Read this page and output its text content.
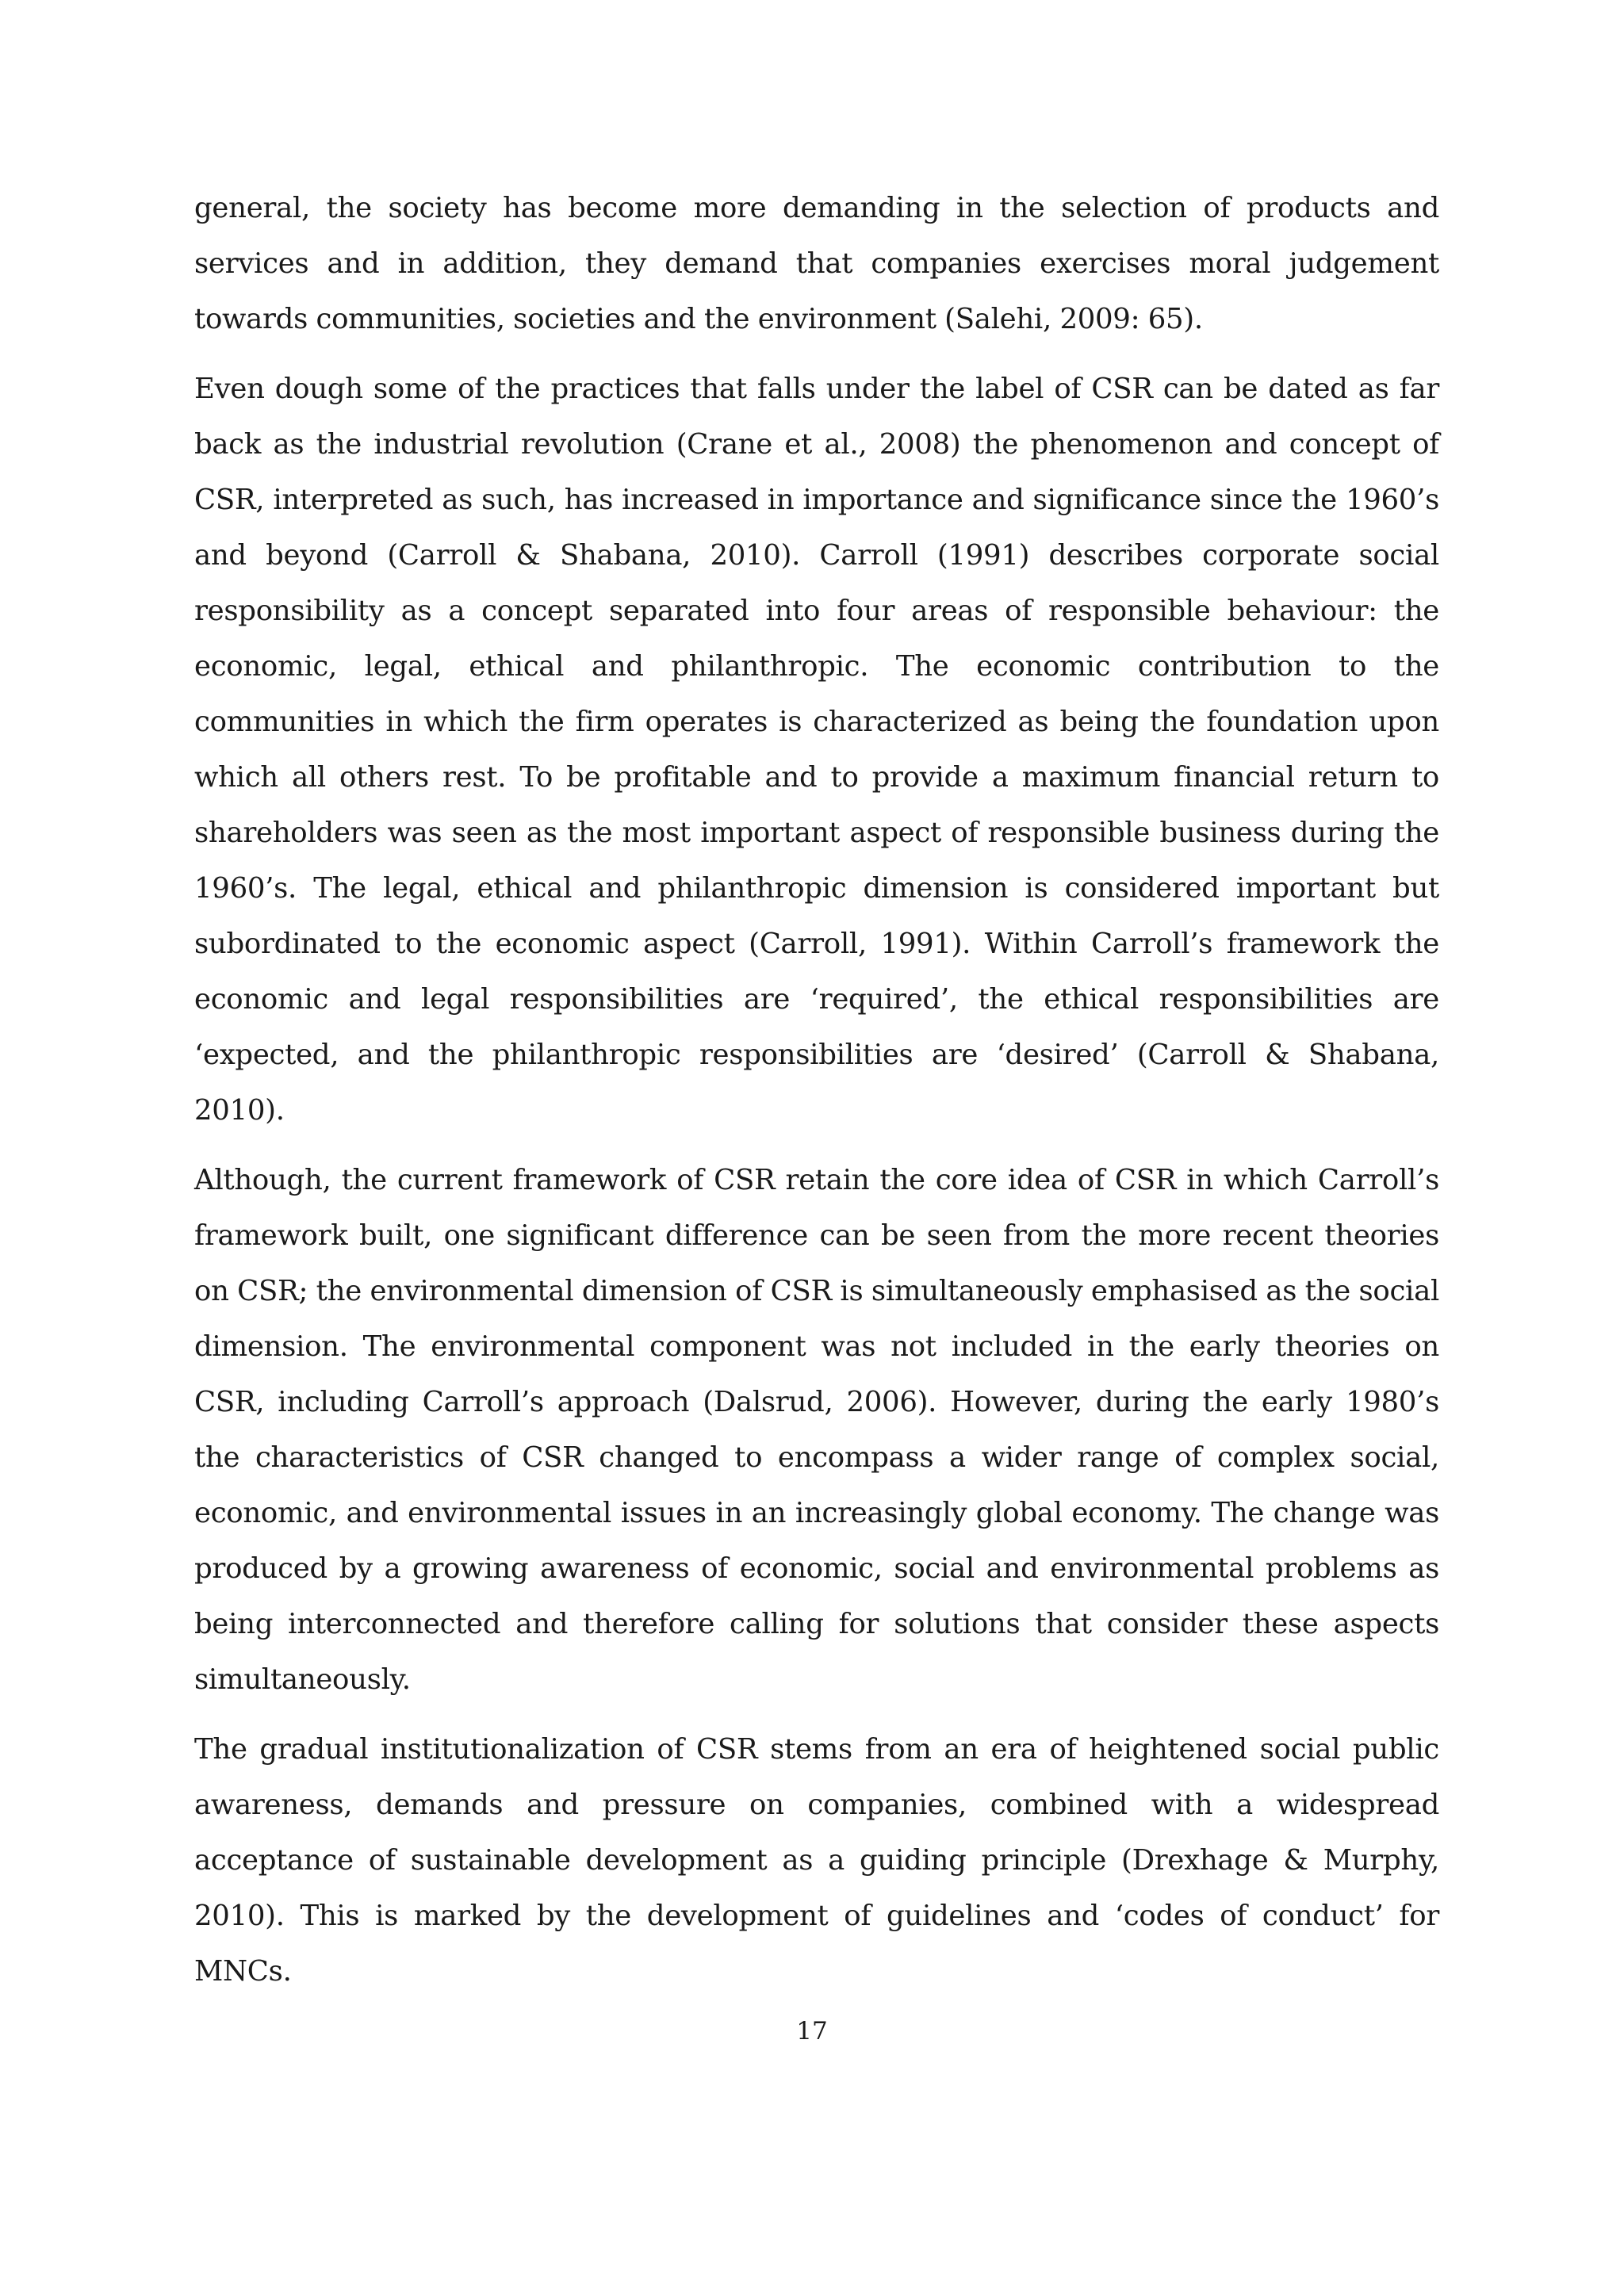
general, the society has become more demanding in the selection of products and services and in addition, they demand that companies exercises moral judgement towards communities, societies and the environment (Salehi, 2009: 65).

Even dough some of the practices that falls under the label of CSR can be dated as far back as the industrial revolution (Crane et al., 2008) the phenomenon and concept of CSR, interpreted as such, has increased in importance and significance since the 1960’s and beyond (Carroll & Shabana, 2010). Carroll (1991) describes corporate social responsibility as a concept separated into four areas of responsible behaviour: the economic, legal, ethical and philanthropic. The economic contribution to the communities in which the firm operates is characterized as being the foundation upon which all others rest. To be profitable and to provide a maximum financial return to shareholders was seen as the most important aspect of responsible business during the 1960’s. The legal, ethical and philanthropic dimension is considered important but subordinated to the economic aspect (Carroll, 1991). Within Carroll’s framework the economic and legal responsibilities are ‘required’, the ethical responsibilities are ‘expected, and the philanthropic responsibilities are ‘desired’ (Carroll & Shabana, 2010).

Although, the current framework of CSR retain the core idea of CSR in which Carroll’s framework built, one significant difference can be seen from the more recent theories on CSR; the environmental dimension of CSR is simultaneously emphasised as the social dimension. The environmental component was not included in the early theories on CSR, including Carroll’s approach (Dalsrud, 2006). However, during the early 1980’s the characteristics of CSR changed to encompass a wider range of complex social, economic, and environmental issues in an increasingly global economy. The change was produced by a growing awareness of economic, social and environmental problems as being interconnected and therefore calling for solutions that consider these aspects simultaneously.

The gradual institutionalization of CSR stems from an era of heightened social public awareness, demands and pressure on companies, combined with a widespread acceptance of sustainable development as a guiding principle (Drexhage & Murphy, 2010). This is marked by the development of guidelines and ‘codes of conduct’ for MNCs.

17
